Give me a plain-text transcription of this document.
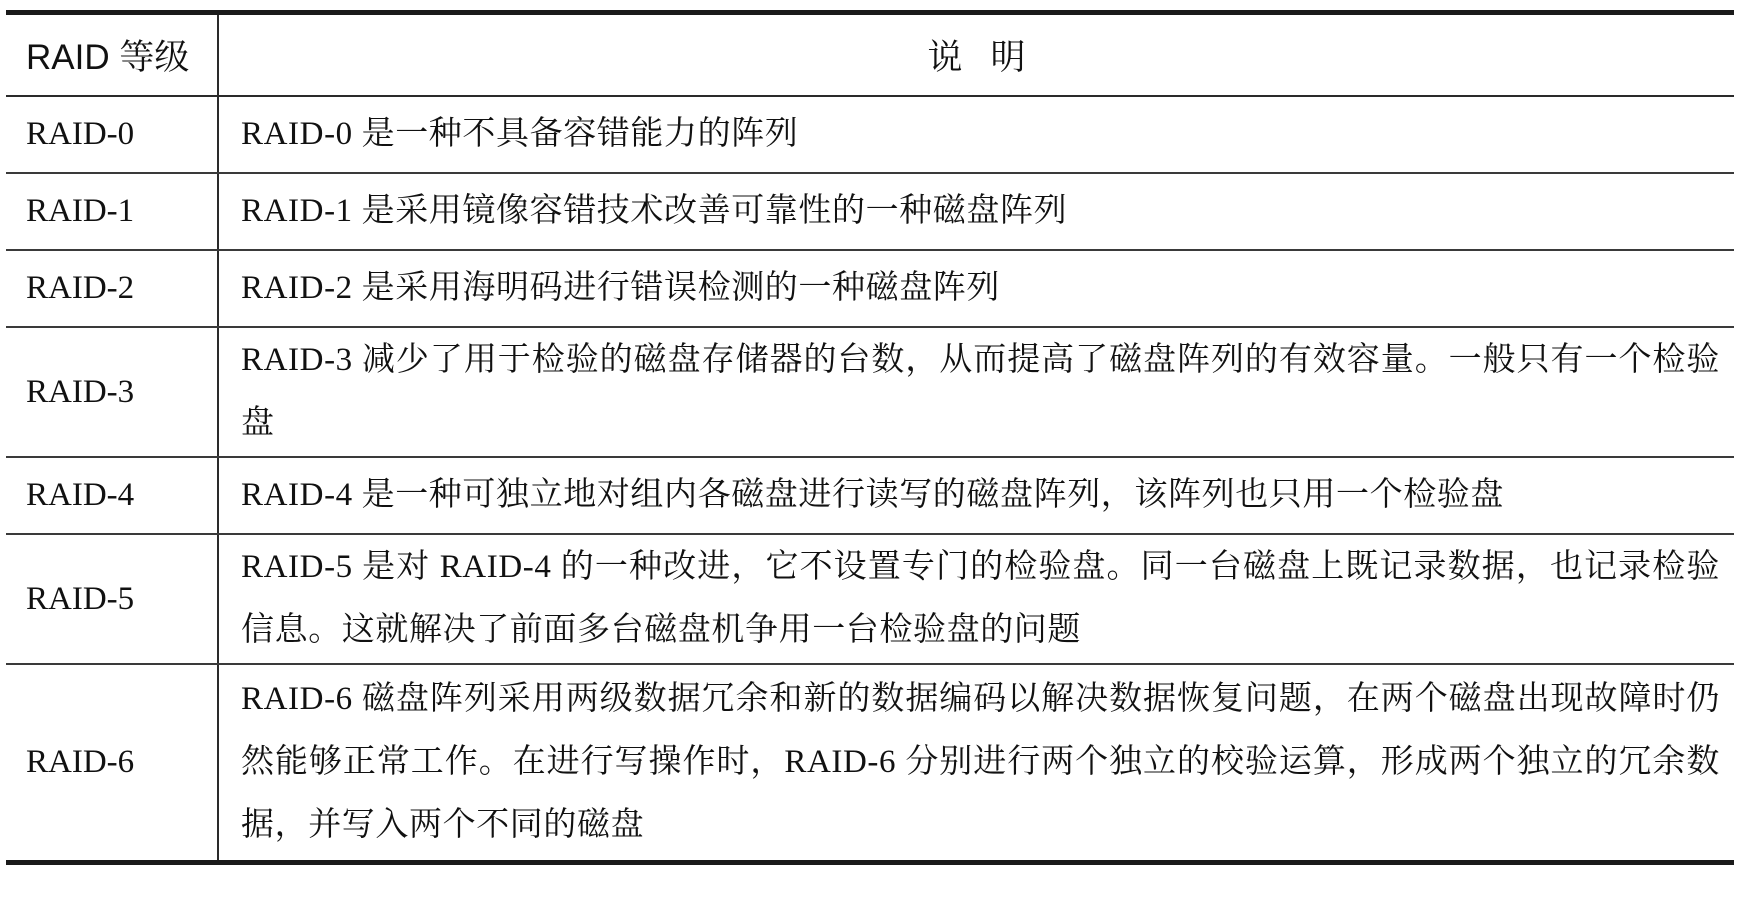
RAID 等级	说明
RAID-0	RAID-0 是一种不具备容错能力的阵列
RAID-1	RAID-1 是采用镜像容错技术改善可靠性的一种磁盘阵列
RAID-2	RAID-2 是采用海明码进行错误检测的一种磁盘阵列
RAID-3	RAID-3 减少了用于检验的磁盘存储器的台数，从而提高了磁盘阵列的有效容量。一般只有一个检验盘
RAID-4	RAID-4 是一种可独立地对组内各磁盘进行读写的磁盘阵列，该阵列也只用一个检验盘
RAID-5	RAID-5 是对 RAID-4 的一种改进，它不设置专门的检验盘。同一台磁盘上既记录数据，也记录检验信息。这就解决了前面多台磁盘机争用一台检验盘的问题
RAID-6	RAID-6 磁盘阵列采用两级数据冗余和新的数据编码以解决数据恢复问题，在两个磁盘出现故障时仍然能够正常工作。在进行写操作时，RAID-6 分别进行两个独立的校验运算，形成两个独立的冗余数据，并写入两个不同的磁盘
